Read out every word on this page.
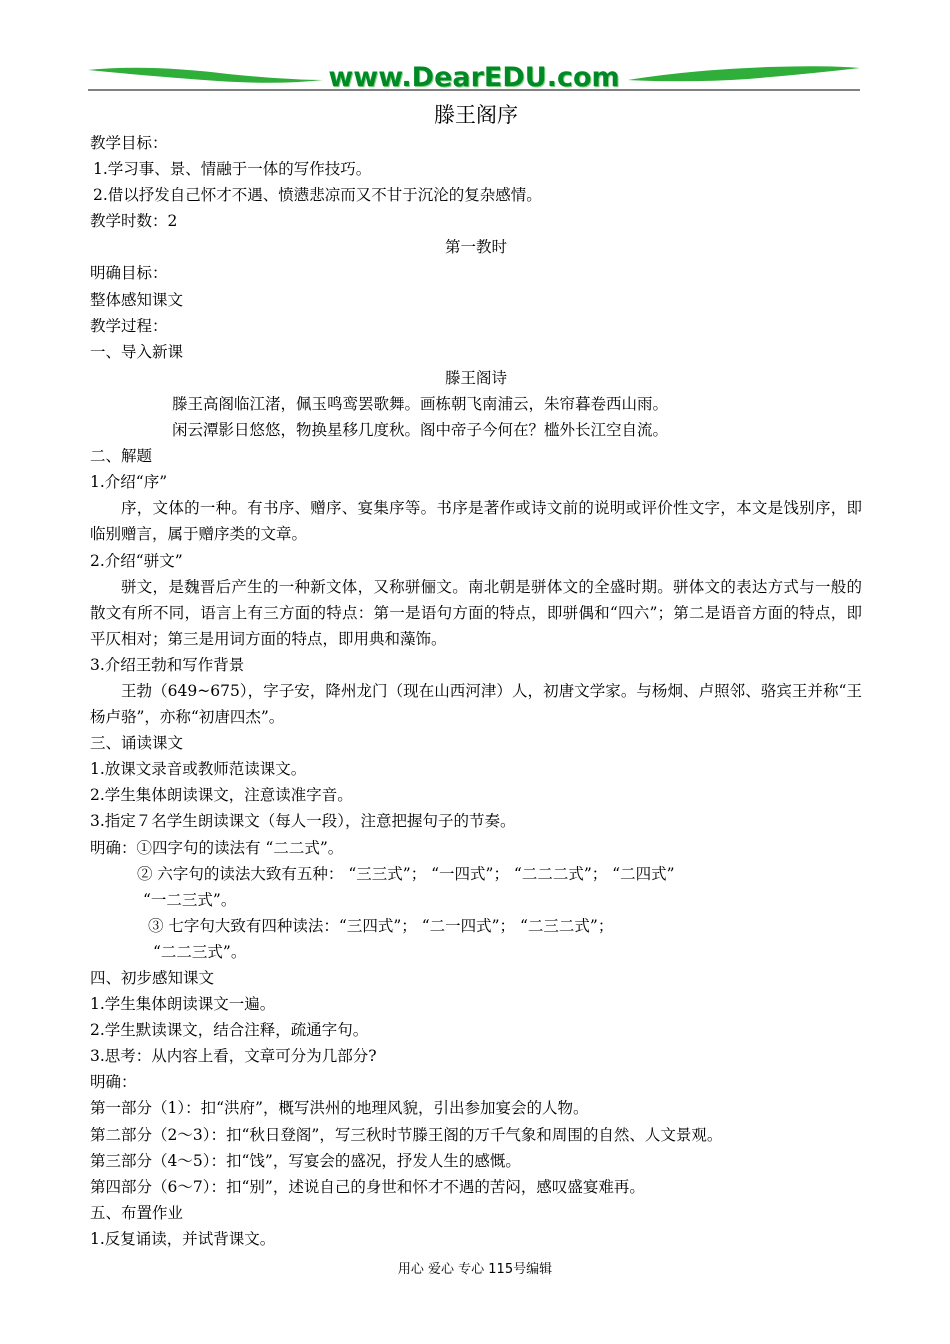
www.DearEDU.com
滕王阁序
教学目标：
1.学习事、景、情融于一体的写作技巧。
2.借以抒发自己怀才不遇、愤懑悲凉而又不甘于沉沦的复杂感情。
教学时数：2
第一教时
明确目标：
整体感知课文
教学过程：
一、导入新课
滕王阁诗
滕王高阁临江渚，佩玉鸣鸾罢歌舞。画栋朝飞南浦云，朱帘暮卷西山雨。
闲云潭影日悠悠，物换星移几度秋。阁中帝子今何在？槛外长江空自流。
二、解题
1.介绍“序”
序，文体的一种。有书序、赠序、宴集序等。书序是著作或诗文前的说明或评价性文字，本文是饯别序，即临别赠言，属于赠序类的文章。
2.介绍“骈文”
骈文，是魏晋后产生的一种新文体，又称骈俪文。南北朝是骈体文的全盛时期。骈体文的表达方式与一般的散文有所不同，语言上有三方面的特点：第一是语句方面的特点，即骈偶和“四六”；第二是语音方面的特点，即平仄相对；第三是用词方面的特点，即用典和藻饰。
3.介绍王勃和写作背景
王勃（649~675），字子安，降州龙门（现在山西河津）人，初唐文学家。与杨炯、卢照邻、骆宾王并称“王杨卢骆”，亦称“初唐四杰”。
三、诵读课文
1.放课文录音或教师范读课文。
2.学生集体朗读课文，注意读准字音。
3.指定７名学生朗读课文（每人一段），注意把握句子的节奏。
明确：①四字句的读法有 “二二式”。
② 六字句的读法大致有五种： “三三式”； “一四式”； “二二二式”； “二四式”
“一二三式”。
③ 七字句大致有四种读法：“三四式”； “二一四式”； “二三二式”；
“二二三式”。
四、初步感知课文
1.学生集体朗读课文一遍。
2.学生默读课文，结合注释，疏通字句。
3.思考：从内容上看，文章可分为几部分?
明确：
第一部分（1）：扣“洪府”，概写洪州的地理风貌，引出参加宴会的人物。
第二部分（2～3）：扣“秋日登阁”，写三秋时节滕王阁的万千气象和周围的自然、人文景观。
第三部分（4～5）：扣“饯”，写宴会的盛况，抒发人生的感慨。
第四部分（6～7）：扣“别”，述说自己的身世和怀才不遇的苦闷，感叹盛宴难再。
五、布置作业
1.反复诵读，并试背课文。
用心 爱心 专心 115号编辑
